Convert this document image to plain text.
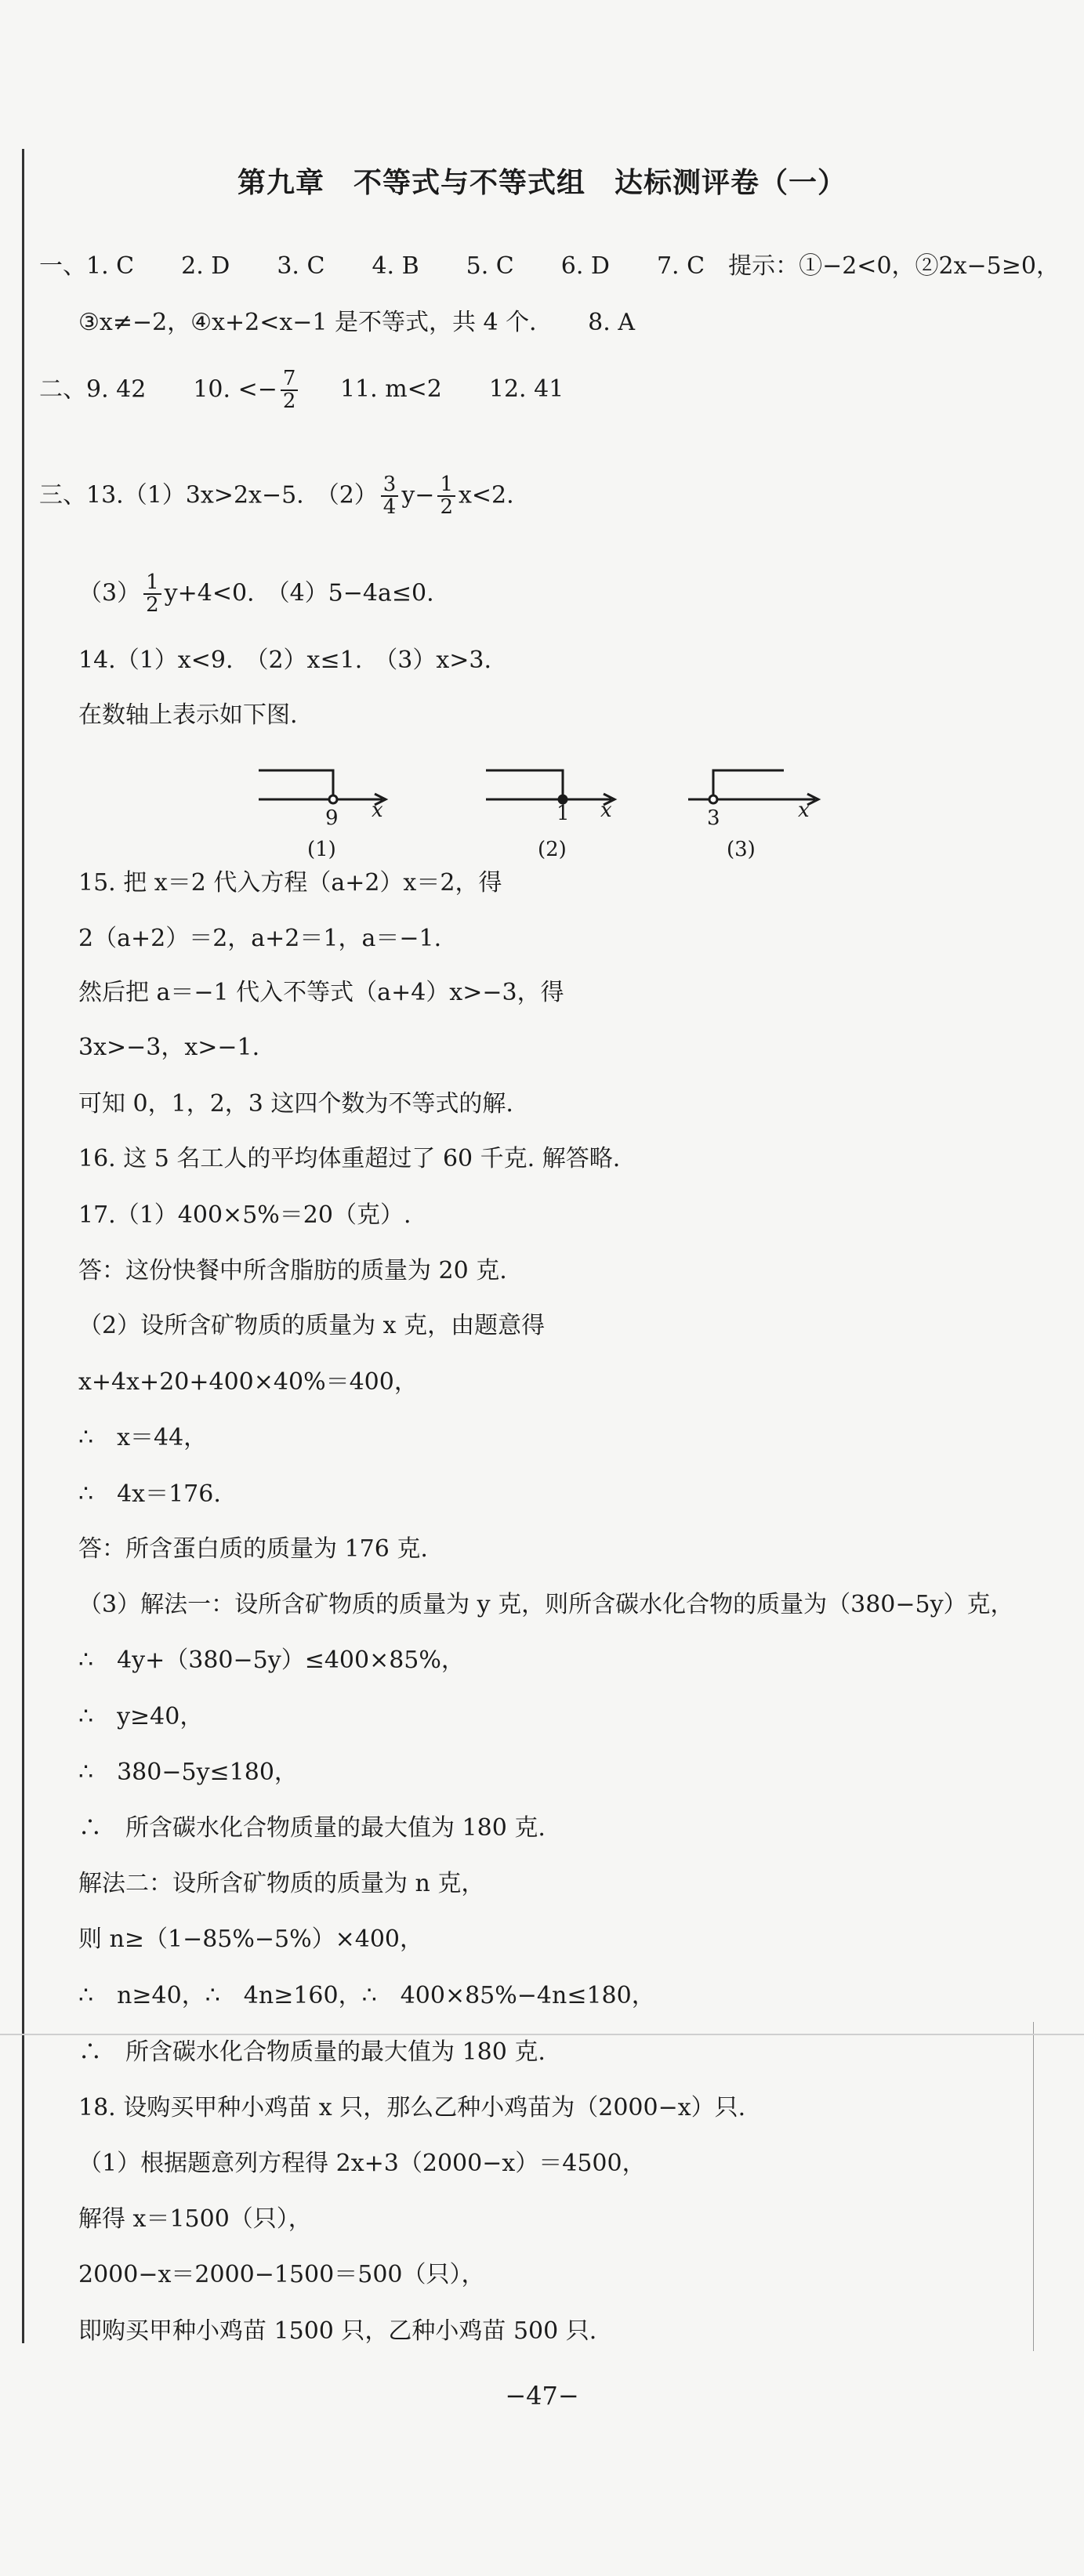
第九章　不等式与不等式组　达标测评卷（一）
一、1. C　　2. D　　3. C　　4. B　　5. C　　6. D　　7. C　提示：①−2<0，②2x−5≥0，
③x≠−2，④x+2<x−1 是不等式，共 4 个．　　8. A
二、9. 42　　10. <− $\frac{7}{2} 11$. m<2　　12. 41
三、13.（1）3x>2x−5.　$(2) \frac{3}{4} y- \frac{1}{2} x<2$.
$(3) \frac{1}{2} y+4<0$.　（4）5−4a≤0.
14.（1）x<9.　（2）x≤1.　（3）x>3.
在数轴上表示如下图.
9 x
(1)
1 x
(2)
3	x
(3)
15. 把 x＝2 代入方程（a+2）x＝2，得
2（a+2）＝2，a+2＝1，a＝−1.
然后把 a＝−1 代入不等式（a+4）x>−3，得
3x>−3，x>−1.
可知 0，1，2，3 这四个数为不等式的解.
16. 这 5 名工人的平均体重超过了 60 千克. 解答略.
17.（1）400×5%＝20（克）.
答：这份快餐中所含脂肪的质量为 20 克.
（2）设所含矿物质的质量为 x 克，由题意得
x+4x+20+400×40%＝400，
∴　x＝44，
∴　4x＝176.
答：所含蛋白质的质量为 176 克.
（3）解法一：设所含矿物质的质量为 y 克，则所含碳水化合物的质量为（380−5y）克，
∴　4y+（380−5y）≤400×85%，
∴　y≥40，
∴　380−5y≤180，
∴　所含碳水化合物质量的最大值为 180 克.
解法二：设所含矿物质的质量为 n 克，
则 n≥（1−85%−5%）×400，
∴　n≥40，∴　4n≥160，∴　400×85%−4n≤180，
∴　所含碳水化合物质量的最大值为 180 克.
18. 设购买甲种小鸡苗 x 只，那么乙种小鸡苗为（2000−x）只.
（1）根据题意列方程得 2x+3（2000−x）＝4500，
解得 x＝1500（只），
2000−x＝2000−1500＝500（只），
即购买甲种小鸡苗 1500 只，乙种小鸡苗 500 只.
−47−
